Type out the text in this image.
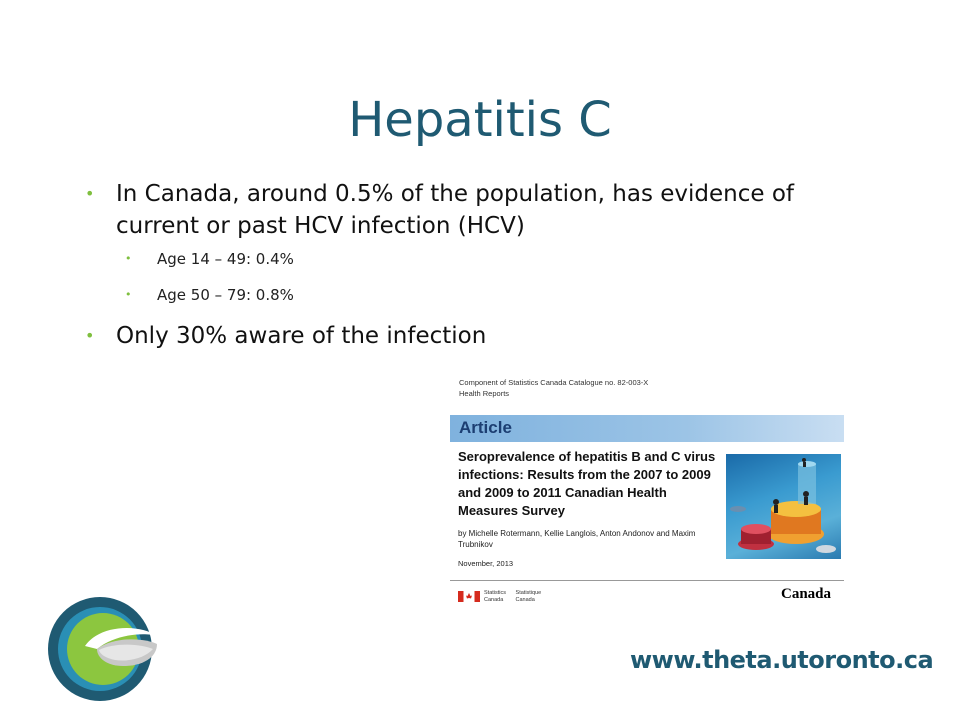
Hepatitis C
• In Canada, around 0.5% of the population, has evidence of current or past HCV infection (HCV)
• Age 14 – 49: 0.4%
• Age 50 – 79: 0.8%
• Only 30% aware of the infection
Component of Statistics Canada Catalogue no. 82-003-X
Health Reports
Article
Seroprevalence of hepatitis B and C virus infections: Results from the 2007 to 2009 and 2009 to 2011 Canadian Health Measures Survey
by Michelle Rotermann, Kellie Langlois, Anton Andonov and Maxim Trubnikov
November, 2013
Statistics Canada Statistique Canada	Canada
www.theta.utoronto.ca
